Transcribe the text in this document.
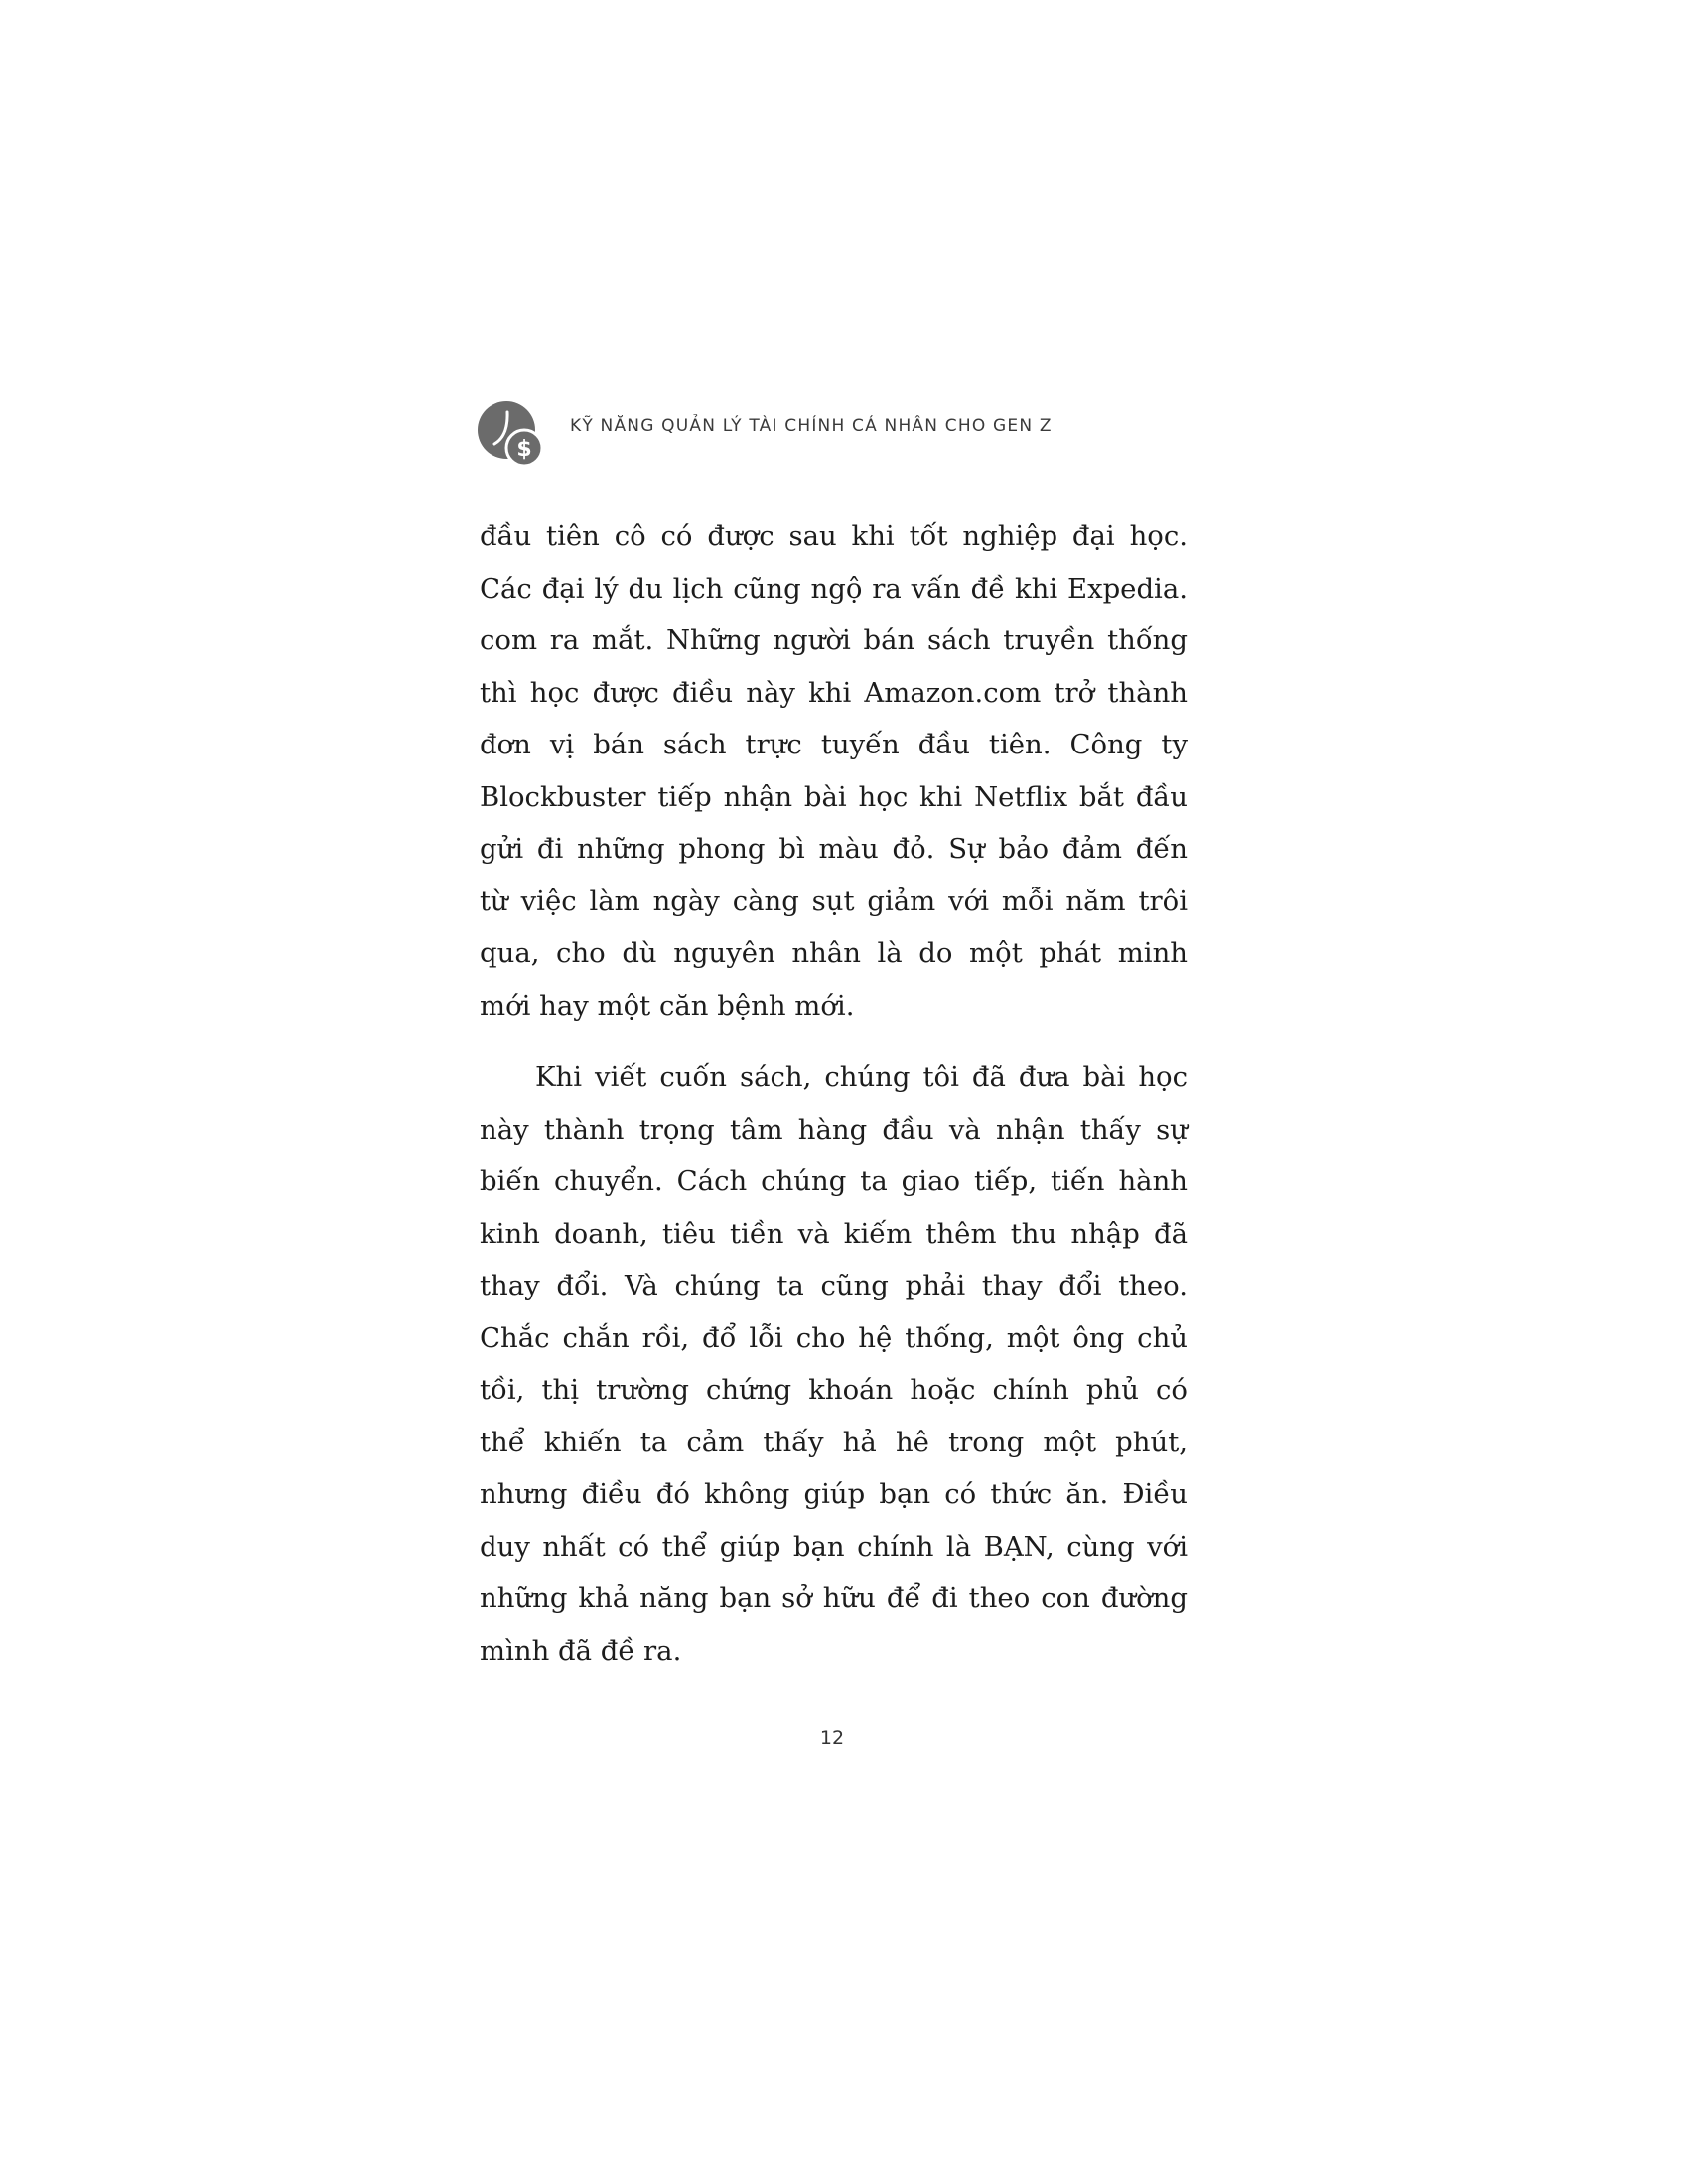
$
KỸ NĂNG QUẢN LÝ TÀI CHÍNH CÁ NHÂN CHO GEN Z
đầu tiên cô có được sau khi tốt nghiệp đại học.
Các đại lý du lịch cũng ngộ ra vấn đề khi Expedia.
com ra mắt. Những người bán sách truyền thống
thì học được điều này khi Amazon.com trở thành
đơn vị bán sách trực tuyến đầu tiên. Công ty
Blockbuster tiếp nhận bài học khi Netflix bắt đầu
gửi đi những phong bì màu đỏ. Sự bảo đảm đến
từ việc làm ngày càng sụt giảm với mỗi năm trôi
qua, cho dù nguyên nhân là do một phát minh
mới hay một căn bệnh mới.
Khi viết cuốn sách, chúng tôi đã đưa bài học
này thành trọng tâm hàng đầu và nhận thấy sự
biến chuyển. Cách chúng ta giao tiếp, tiến hành
kinh doanh, tiêu tiền và kiếm thêm thu nhập đã
thay đổi. Và chúng ta cũng phải thay đổi theo.
Chắc chắn rồi, đổ lỗi cho hệ thống, một ông chủ
tồi, thị trường chứng khoán hoặc chính phủ có
thể khiến ta cảm thấy hả hê trong một phút,
nhưng điều đó không giúp bạn có thức ăn. Điều
duy nhất có thể giúp bạn chính là BẠN, cùng với
những khả năng bạn sở hữu để đi theo con đường
mình đã đề ra.
12
